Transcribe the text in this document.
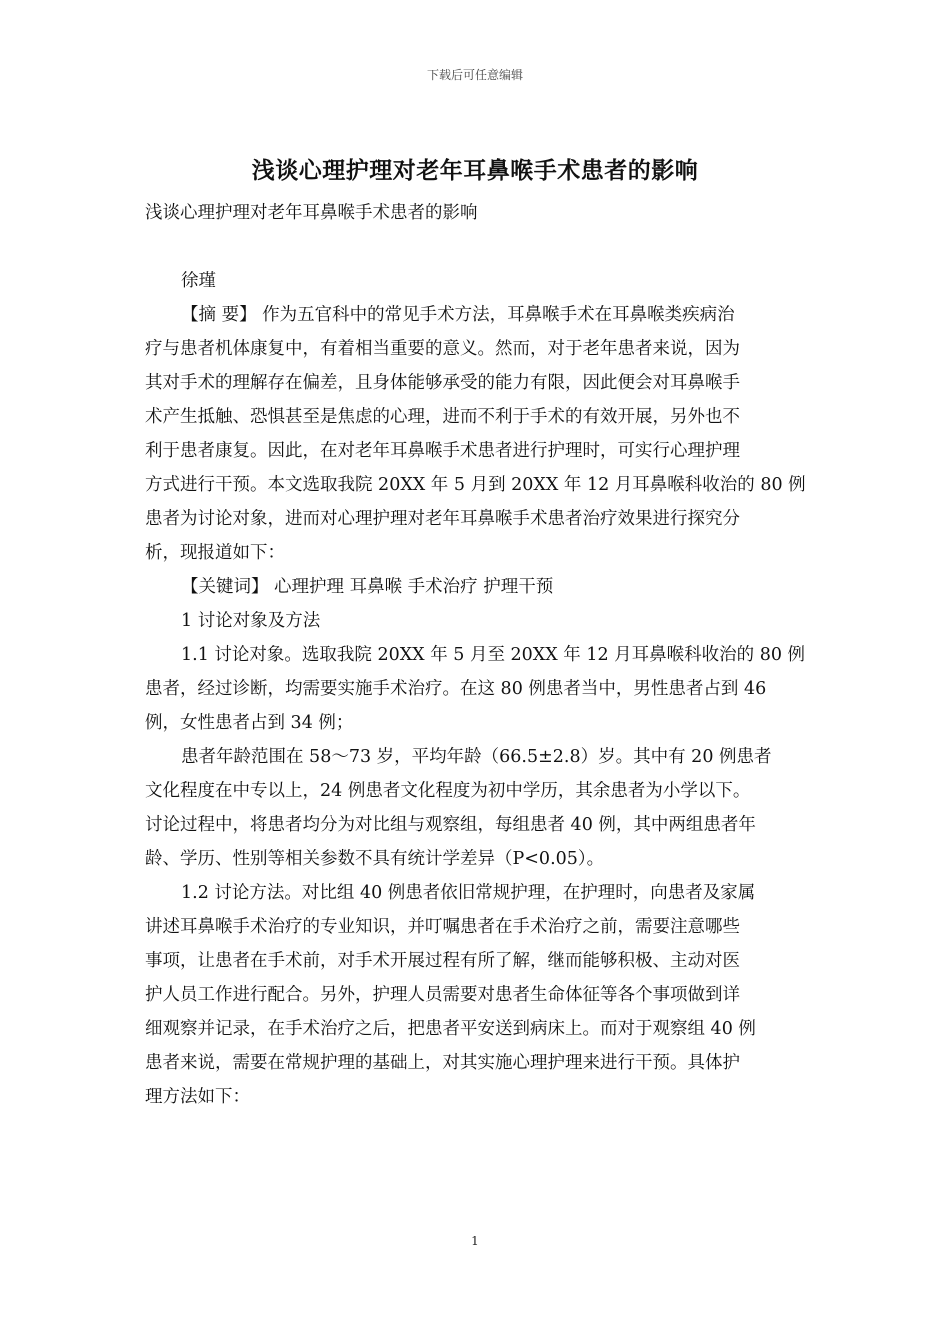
下载后可任意编辑
浅谈心理护理对老年耳鼻喉手术患者的影响
浅谈心理护理对老年耳鼻喉手术患者的影响
徐瑾
【摘 要】 作为五官科中的常见手术方法，耳鼻喉手术在耳鼻喉类疾病治
疗与患者机体康复中，有着相当重要的意义。然而，对于老年患者来说，因为
其对手术的理解存在偏差，且身体能够承受的能力有限，因此便会对耳鼻喉手
术产生抵触、恐惧甚至是焦虑的心理，进而不利于手术的有效开展，另外也不
利于患者康复。因此，在对老年耳鼻喉手术患者进行护理时，可实行心理护理
方式进行干预。本文选取我院 20XX 年 5 月到 20XX 年 12 月耳鼻喉科收治的 80 例
患者为讨论对象，进而对心理护理对老年耳鼻喉手术患者治疗效果进行探究分
析，现报道如下：
【关键词】 心理护理 耳鼻喉 手术治疗 护理干预
1 讨论对象及方法
1.1 讨论对象。选取我院 20XX 年 5 月至 20XX 年 12 月耳鼻喉科收治的 80 例
患者，经过诊断，均需要实施手术治疗。在这 80 例患者当中，男性患者占到 46
例，女性患者占到 34 例；
患者年龄范围在 58～73 岁，平均年龄（66.5±2.8）岁。其中有 20 例患者
文化程度在中专以上，24 例患者文化程度为初中学历，其余患者为小学以下。
讨论过程中，将患者均分为对比组与观察组，每组患者 40 例，其中两组患者年
龄、学历、性别等相关参数不具有统计学差异（P<0.05）。
1.2 讨论方法。对比组 40 例患者依旧常规护理，在护理时，向患者及家属
讲述耳鼻喉手术治疗的专业知识，并叮嘱患者在手术治疗之前，需要注意哪些
事项，让患者在手术前，对手术开展过程有所了解，继而能够积极、主动对医
护人员工作进行配合。另外，护理人员需要对患者生命体征等各个事项做到详
细观察并记录，在手术治疗之后，把患者平安送到病床上。而对于观察组 40 例
患者来说，需要在常规护理的基础上，对其实施心理护理来进行干预。具体护
理方法如下：
1
